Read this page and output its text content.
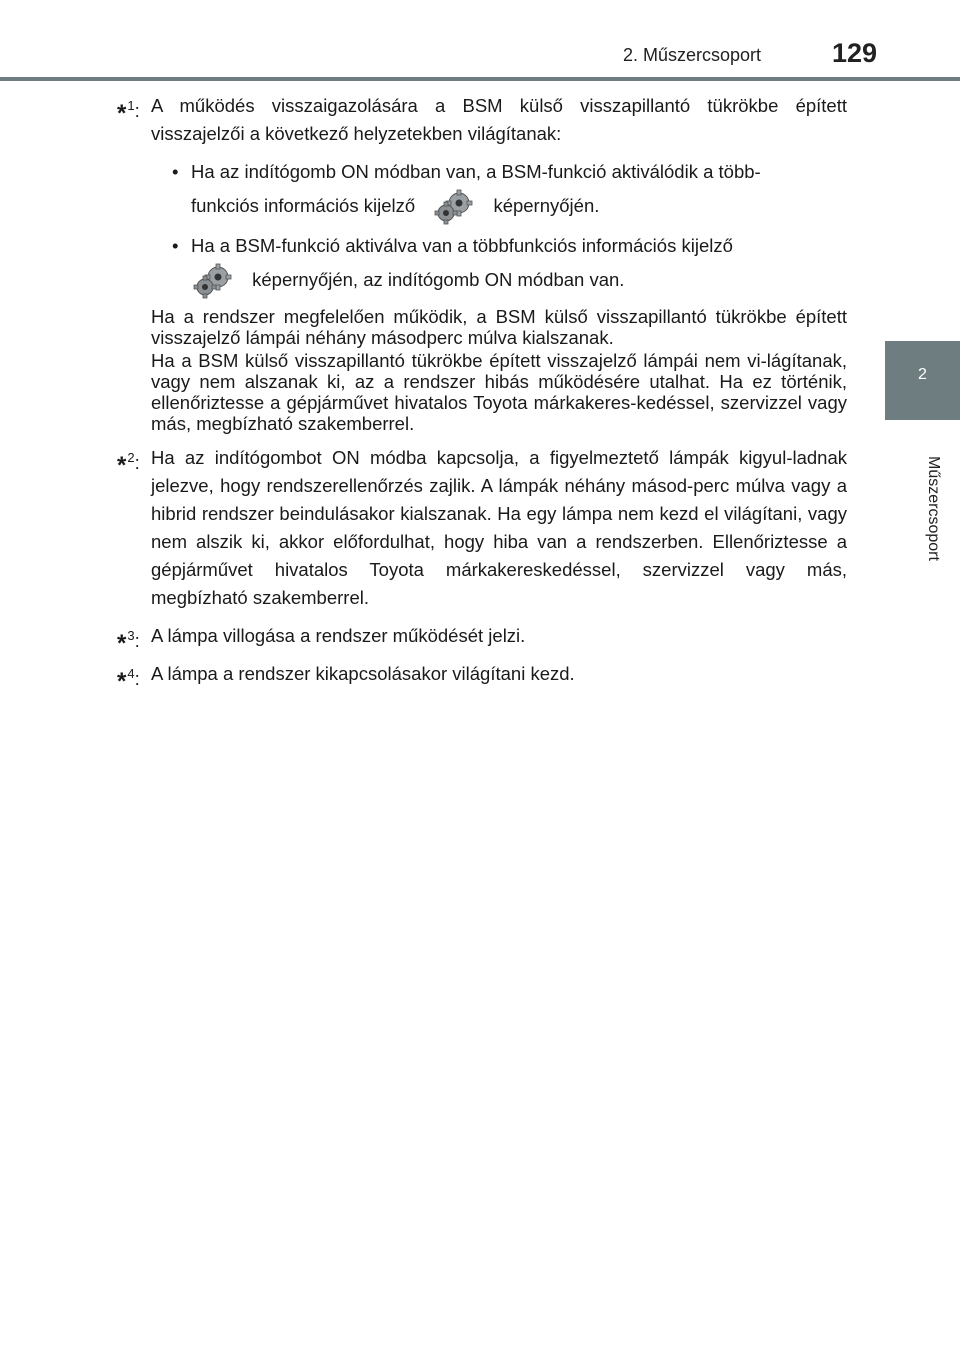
2. Műszercsoport	129
2
Műszercsoport
*$^1$: A működés visszaigazolására a BSM külső visszapillantó tükrökbe épített visszajelzői a következő helyzetekben világítanak:
• Ha az indítógomb ON módban van, a BSM-funkció aktiválódik a több-
funkciós információs kijelző	képernyőjén.
• Ha a BSM-funkció aktiválva van a többfunkciós információs kijelző
képernyőjén, az indítógomb ON módban van.
Ha a rendszer megfelelően működik, a BSM külső visszapillantó tükrökbe épített visszajelző lámpái néhány másodperc múlva kialszanak.
Ha a BSM külső visszapillantó tükrökbe épített visszajelző lámpái nem vi-lágítanak, vagy nem alszanak ki, az a rendszer hibás működésére utalhat. Ha ez történik, ellenőriztesse a gépjárművet hivatalos Toyota márkakeres-kedéssel, szervizzel vagy más, megbízható szakemberrel.
*$^2$: Ha az indítógombot ON módba kapcsolja, a figyelmeztető lámpák kigyul-ladnak jelezve, hogy rendszerellenőrzés zajlik. A lámpák néhány másod-perc múlva vagy a hibrid rendszer beindulásakor kialszanak. Ha egy lámpa nem kezd el világítani, vagy nem alszik ki, akkor előfordulhat, hogy hiba van a rendszerben. Ellenőriztesse a gépjárművet hivatalos Toyota márkakereskedéssel, szervizzel vagy más, megbízható szakemberrel.
*$^3$: A lámpa villogása a rendszer működését jelzi.
*$^4$: A lámpa a rendszer kikapcsolásakor világítani kezd.
